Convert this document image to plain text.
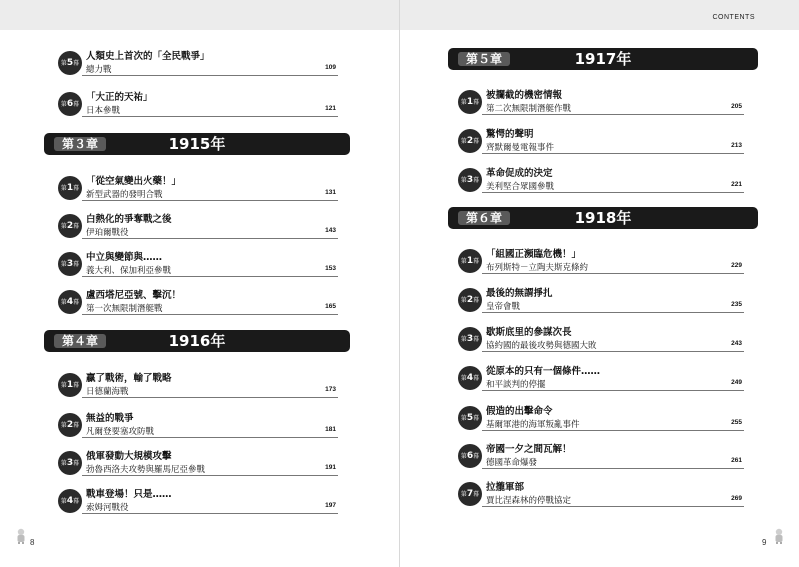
CONTENTS
第5幕
人類史上首次的「全民戰爭」
總力戰	109
第6幕
「大正的天祐」
日本參戰	121
1915年
第３章
第1幕
「從空氣變出火藥！」
新型武器的發明合戰	131
第2幕
白熱化的爭奪戰之後
伊珀爾戰役	143
第3幕
中立與變節與……
義大利、保加利亞參戰	153
第4幕
盧西塔尼亞號、擊沉！
第一次無限制潛艇戰	165
1916年
第４章
第1幕
贏了戰術，輸了戰略
日德蘭海戰	173
第2幕
無益的戰爭
凡爾登要塞攻防戰	181
第3幕
俄軍發動大規模攻擊
勃魯西洛夫攻勢與羅馬尼亞參戰	191
第4幕
戰車登場！只是……
索姆河戰役	197
1917年
第５章
第1幕
被攔截的機密情報
第二次無限制潛艇作戰	205
第2幕
驚愕的聲明
齊默爾曼電報事件	213
第3幕
革命促成的決定
美利堅合眾國參戰	221
1918年
第６章
第1幕
「組國正瀕臨危機！」
布列斯特－立陶夫斯克條約	229
第2幕
最後的無謂掙扎
皇帝會戰	235
第3幕
歇斯底里的參謀次長
協約國的最後攻勢與德國大敗	243
第4幕
從原本的只有一個條件……
和平談判的停擺	249
第5幕
假造的出擊命令
基爾軍港的海軍叛亂事件	255
第6幕
帝國一夕之間瓦解！
德國革命爆發	261
第7幕
拉攏軍部
賈比涅森林的停戰協定	269
8	9
